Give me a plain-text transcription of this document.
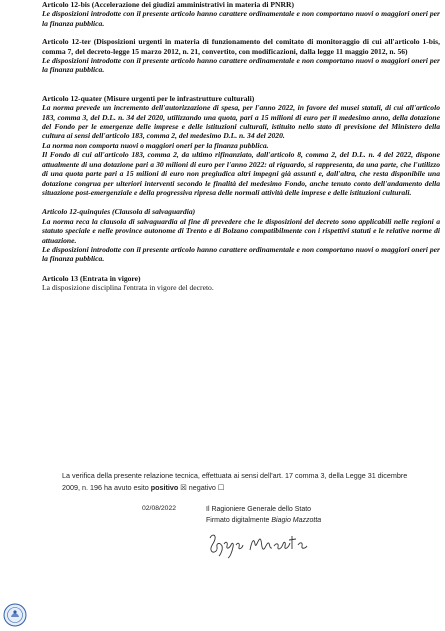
Articolo 12-bis (Accelerazione dei giudizi amministrativi in materia di PNRR)

Le disposizioni introdotte con il presente articolo hanno carattere ordinamentale e non comportano nuovi o maggiori oneri per la finanza pubblica.

Articolo 12-ter (Disposizioni urgenti in materia di funzionamento del comitato di monitoraggio di cui all'articolo 1-bis, comma 7, del decreto-legge 15 marzo 2012, n. 21, convertito, con modificazioni, dalla legge 11 maggio 2012, n. 56)

Le disposizioni introdotte con il presente articolo hanno carattere ordinamentale e non comportano nuovi o maggiori oneri per la finanza pubblica.

Articolo 12-quater (Misure urgenti per le infrastrutture culturali)

La norma prevede un incremento dell'autorizzazione di spesa, per l'anno 2022, in favore dei musei statali, di cui all'articolo 183, comma 3, del D.L. n. 34 del 2020, utilizzando una quota, pari a 15 milioni di euro per il medesimo anno, della dotazione del Fondo per le emergenze delle imprese e delle istituzioni culturali, istituito nello stato di previsione del Ministero della cultura ai sensi dell'articolo 183, comma 2, del medesimo D.L. n. 34 del 2020.

La norma non comporta nuovi o maggiori oneri per la finanza pubblica.

Il Fondo di cui all'articolo 183, comma 2, da ultimo rifinanziato, dall'articolo 8, comma 2, del D.L. n. 4 del 2022, dispone attualmente di una dotazione pari a 30 milioni di euro per l'anno 2022: al riguardo, si rappresenta, da una parte, che l'utilizzo di una quota parte pari a 15 milioni di euro non pregiudica altri impegni già assunti e, dall'altra, che resta disponibile una dotazione congrua per ulteriori interventi secondo le finalità del medesimo Fondo, anche tenuto conto dell'andamento della situazione post-emergenziale e della progressiva ripresa delle normali attività delle imprese e delle istituzioni culturali.

Articolo 12-quinquies (Clausola di salvaguardia)

La norma reca la clausola di salvaguardia al fine di prevedere che le disposizioni del decreto sono applicabili nelle regioni a statuto speciale e nelle province autonome di Trento e di Bolzano compatibilmente con i rispettivi statuti e le relative norme di attuazione.

Le disposizioni introdotte con il presente articolo hanno carattere ordinamentale e non comportano nuovi o maggiori oneri per la finanza pubblica.

Articolo 13 (Entrata in vigore)

La disposizione disciplina l'entrata in vigore del decreto.

La verifica della presente relazione tecnica, effettuata ai sensi dell'art. 17 comma 3, della Legge 31 dicembre 2009, n. 196 ha avuto esito positivo ☒ negativo ☐
02/08/2022	Il Ragioniere Generale dello Stato
Firmato digitalmente Biagio Mazzotta
